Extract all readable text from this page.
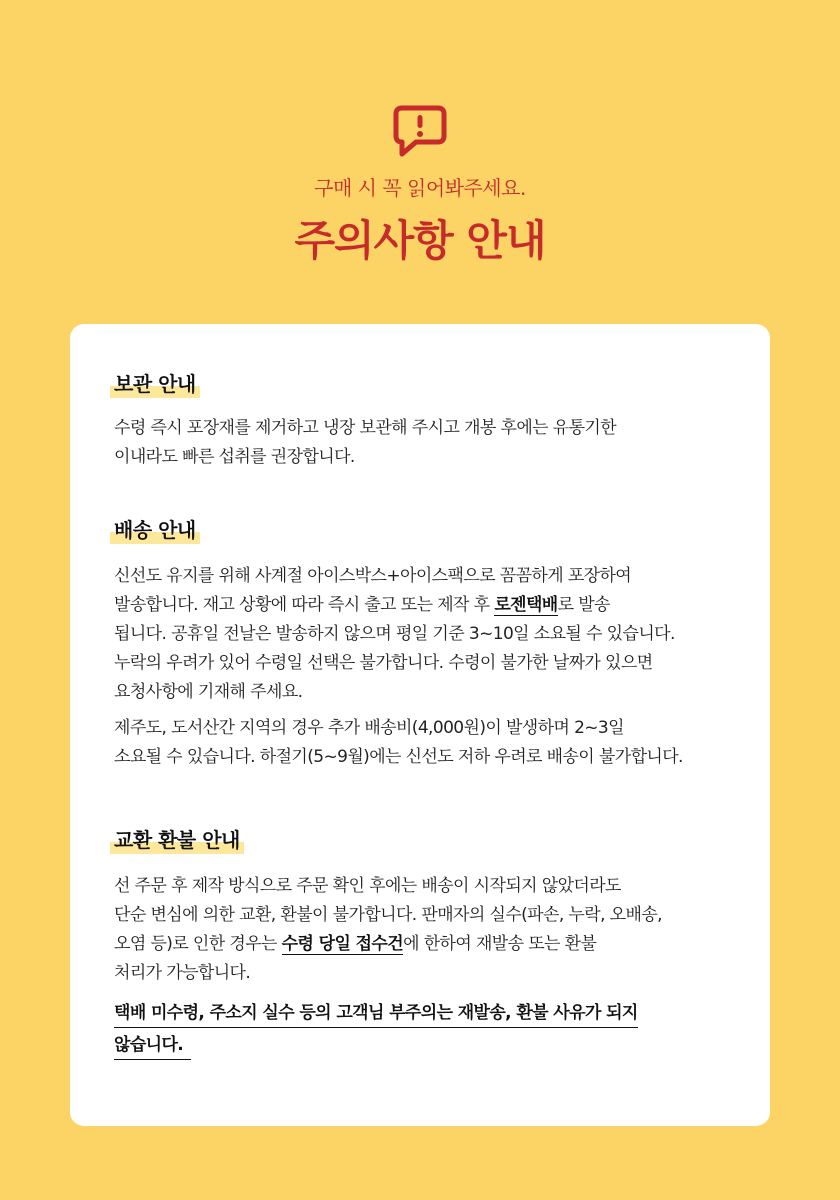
구매 시 꼭 읽어봐주세요.
주의사항 안내
보관 안내
수령 즉시 포장재를 제거하고 냉장 보관해 주시고 개봉 후에는 유통기한
이내라도 빠른 섭취를 권장합니다.
배송 안내
신선도 유지를 위해 사계절 아이스박스+아이스팩으로 꼼꼼하게 포장하여
발송합니다. 재고 상황에 따라 즉시 출고 또는 제작 후 로젠택배로 발송
됩니다. 공휴일 전날은 발송하지 않으며 평일 기준 3~10일 소요될 수 있습니다.
누락의 우려가 있어 수령일 선택은 불가합니다. 수령이 불가한 날짜가 있으면
요청사항에 기재해 주세요.
제주도, 도서산간 지역의 경우 추가 배송비(4,000원)이 발생하며 2~3일
소요될 수 있습니다. 하절기(5~9월)에는 신선도 저하 우려로 배송이 불가합니다.
교환 환불 안내
선 주문 후 제작 방식으로 주문 확인 후에는 배송이 시작되지 않았더라도
단순 변심에 의한 교환, 환불이 불가합니다. 판매자의 실수(파손, 누락, 오배송,
오염 등)로 인한 경우는 수령 당일 접수건에 한하여 재발송 또는 환불
처리가 가능합니다.
택배 미수령, 주소지 실수 등의 고객님 부주의는 재발송, 환불 사유가 되지
않습니다.
